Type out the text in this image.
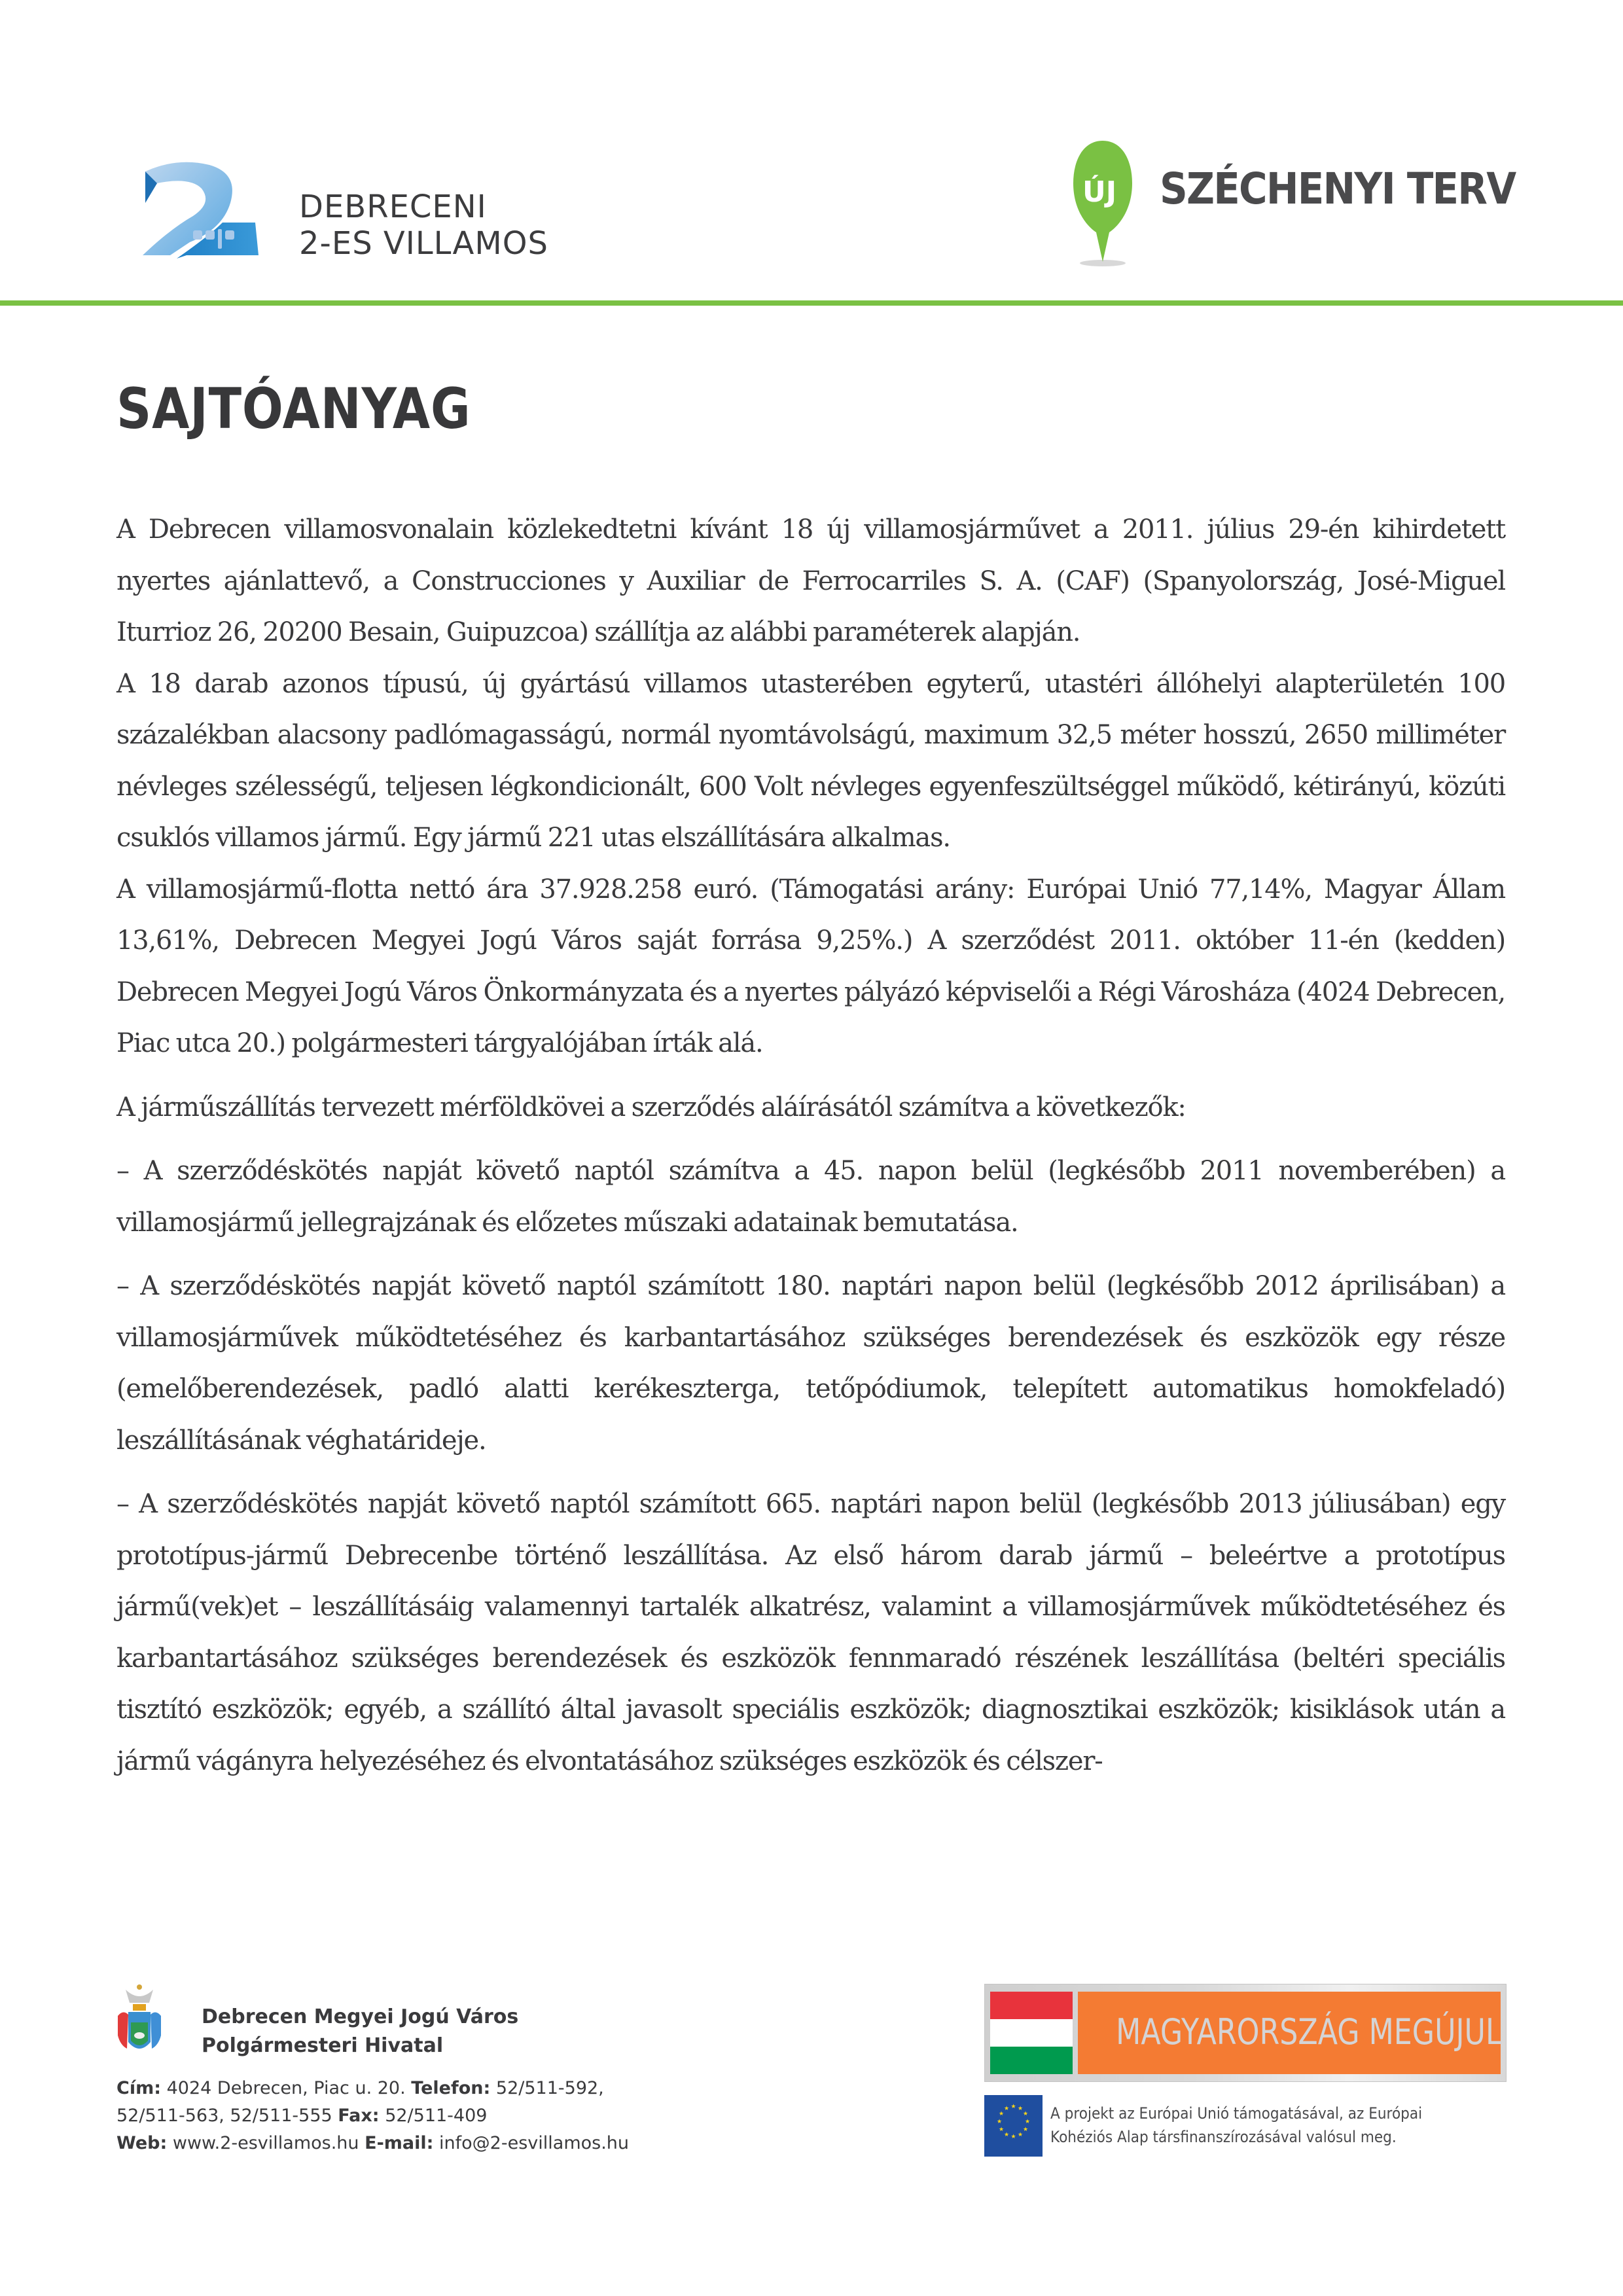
DEBRECENI
2-ES VILLAMOS
ÚJ SZÉCHENYI TERV
SAJTÓANYAG

A Debrecen villamosvonalain közlekedtetni kívánt 18 új villamosjárművet a 2011. július 29-én kihirdetett nyertes ajánlattevő, a Construcciones y Auxiliar de Ferrocarriles S. A. (CAF) (Spanyolország, José-Miguel Iturrioz 26, 20200 Besain, Guipuzcoa) szállítja az alábbi paraméterek alapján.

A 18 darab azonos típusú, új gyártású villamos utasterében egyterű, utastéri állóhelyi alapterületén 100 százalékban alacsony padlómagasságú, normál nyomtávolságú, maximum 32,5 méter hosszú, 2650 milliméter névleges szélességű, teljesen légkondicionált, 600 Volt névleges egyenfeszültséggel működő, kétirányú, közúti csuklós villamos jármű. Egy jármű 221 utas elszállítására alkalmas.

A villamosjármű-flotta nettó ára 37.928.258 euró. (Támogatási arány: Európai Unió 77,14%, Magyar Állam 13,61%, Debrecen Megyei Jogú Város saját forrása 9,25%.) A szerződést 2011. október 11-én (kedden) Debrecen Megyei Jogú Város Önkormányzata és a nyertes pályázó képviselői a Régi Városháza (4024 Debrecen, Piac utca 20.) polgármesteri tárgyalójában írták alá.

A járműszállítás tervezett mérföldkövei a szerződés aláírásától számítva a következők:

– A szerződéskötés napját követő naptól számítva a 45. napon belül (legkésőbb 2011 novemberében) a villamosjármű jellegrajzának és előzetes műszaki adatainak bemutatása.

– A szerződéskötés napját követő naptól számított 180. naptári napon belül (legkésőbb 2012 áprilisában) a villamosjárművek működtetéséhez és karbantartásához szükséges berendezések és eszközök egy része (emelőberendezések, padló alatti kerékeszterga, tetőpódiumok, telepített automatikus homokfeladó) leszállításának véghatárideje.

– A szerződéskötés napját követő naptól számított 665. naptári napon belül (legkésőbb 2013 júliusában) egy prototípus-jármű Debrecenbe történő leszállítása. Az első három darab jármű – beleértve a prototípus jármű(vek)et – leszállításáig valamennyi tartalék alkatrész, valamint a villamosjárművek működtetéséhez és karbantartásához szükséges berendezések és eszközök fennmaradó részének leszállítása (beltéri speciális tisztító eszközök; egyéb, a szállító által javasolt speciális eszközök; diagnosztikai eszközök; kisiklások után a jármű vágányra helyezéséhez és elvontatásához szükséges eszközök és célszer-

Debrecen Megyei Jogú Város
Polgármesteri Hivatal
Cím: 4024 Debrecen, Piac u. 20. Telefon: 52/511-592,
52/511-563, 52/511-555 Fax: 52/511-409
Web: www.2-esvillamos.hu E-mail: info@2-esvillamos.hu
MAGYARORSZÁG MEGÚJUL
★ ★
★
★
★
★
★
★
★
★
★
★	A projekt az Európai Unió támogatásával, az Európai
Kohéziós Alap társfinanszírozásával valósul meg.
